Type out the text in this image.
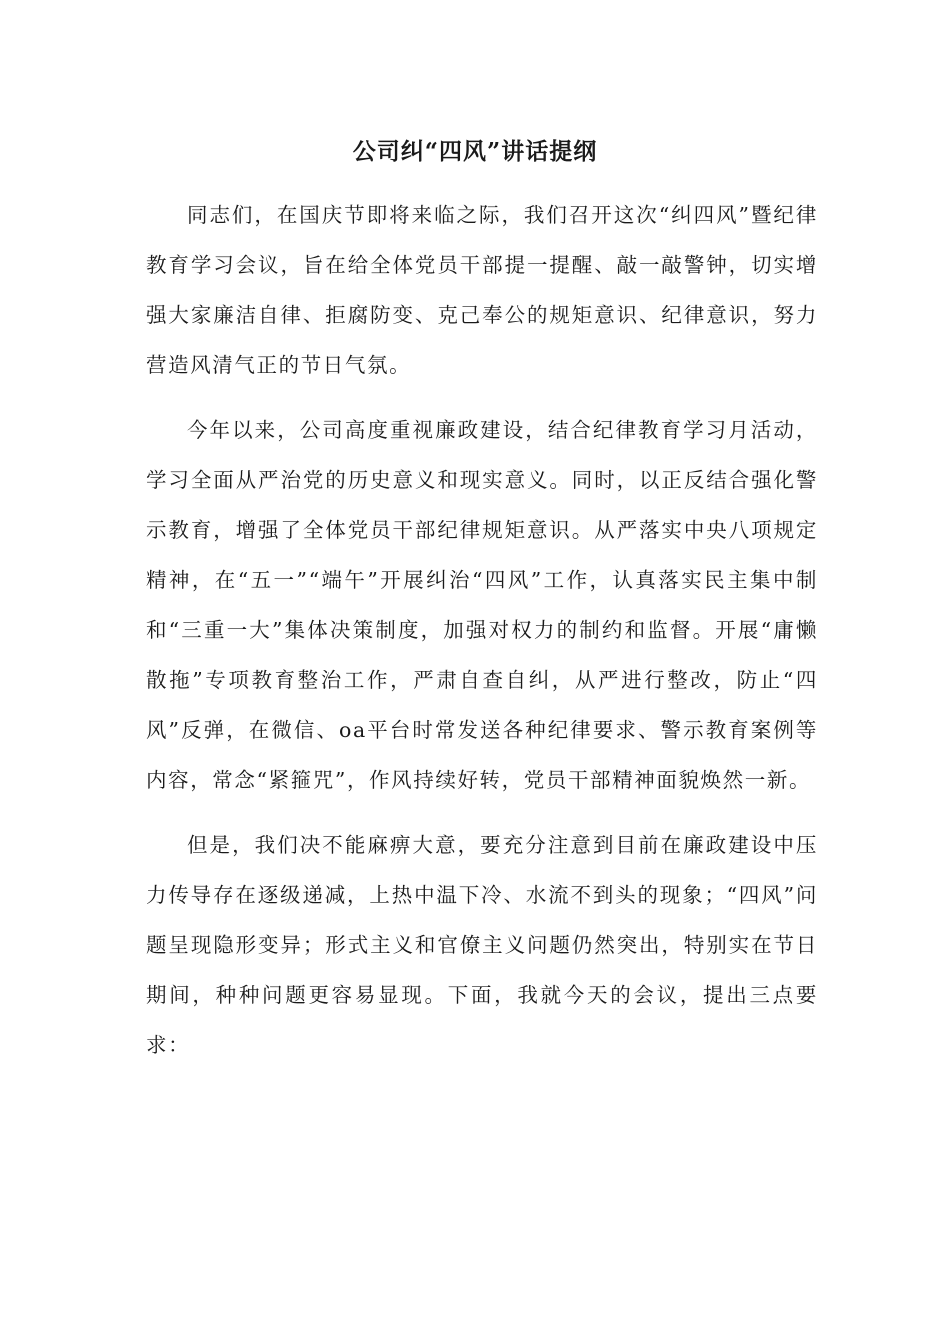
公司纠“四风”讲话提纲

同志们，在国庆节即将来临之际，我们召开这次“纠四风”暨纪律教育学习会议，旨在给全体党员干部提一提醒、敲一敲警钟，切实增强大家廉洁自律、拒腐防变、克己奉公的规矩意识、纪律意识，努力营造风清气正的节日气氛。

今年以来，公司高度重视廉政建设，结合纪律教育学习月活动，学习全面从严治党的历史意义和现实意义。同时，以正反结合强化警示教育，增强了全体党员干部纪律规矩意识。从严落实中央八项规定精神，在“五一”“端午”开展纠治“四风”工作，认真落实民主集中制和“三重一大”集体决策制度，加强对权力的制约和监督。开展“庸懒散拖”专项教育整治工作，严肃自查自纠，从严进行整改，防止“四风”反弹，在微信、oa平台时常发送各种纪律要求、警示教育案例等内容，常念“紧箍咒”，作风持续好转，党员干部精神面貌焕然一新。

但是，我们决不能麻痹大意，要充分注意到目前在廉政建设中压力传导存在逐级递减，上热中温下冷、水流不到头的现象；“四风”问题呈现隐形变异；形式主义和官僚主义问题仍然突出，特别实在节日期间，种种问题更容易显现。下面，我就今天的会议，提出三点要求：
